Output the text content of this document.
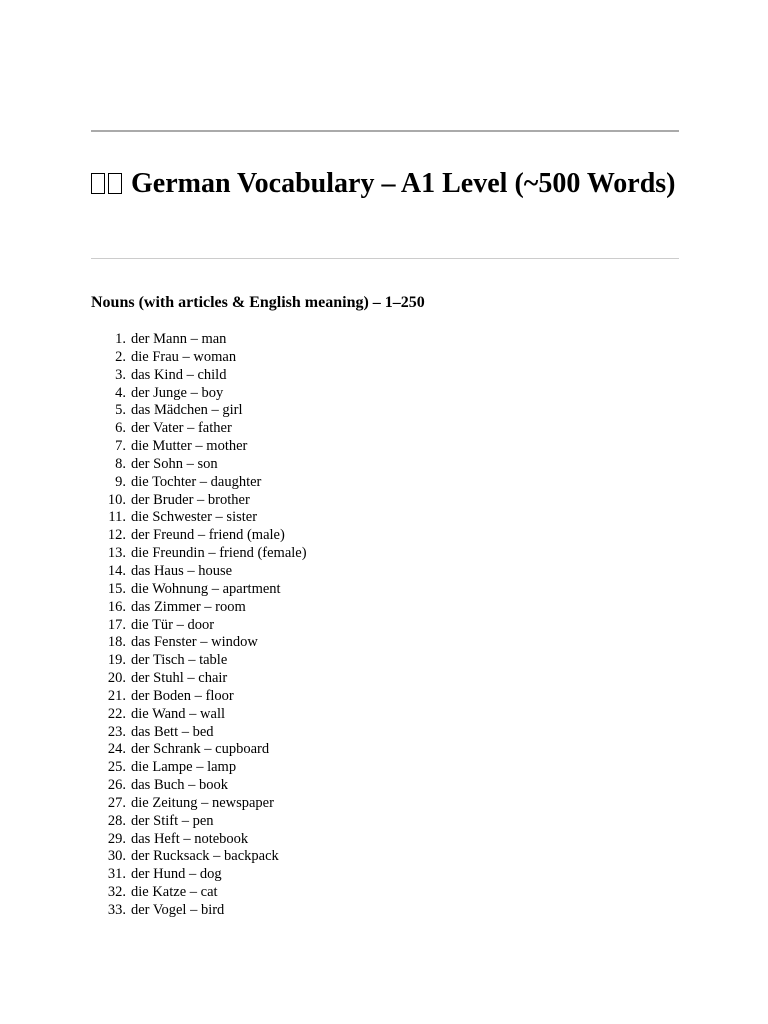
German Vocabulary – A1 Level (~500 Words)
Nouns (with articles & English meaning) – 1–250
1. der Mann – man
2. die Frau – woman
3. das Kind – child
4. der Junge – boy
5. das Mädchen – girl
6. der Vater – father
7. die Mutter – mother
8. der Sohn – son
9. die Tochter – daughter
10. der Bruder – brother
11. die Schwester – sister
12. der Freund – friend (male)
13. die Freundin – friend (female)
14. das Haus – house
15. die Wohnung – apartment
16. das Zimmer – room
17. die Tür – door
18. das Fenster – window
19. der Tisch – table
20. der Stuhl – chair
21. der Boden – floor
22. die Wand – wall
23. das Bett – bed
24. der Schrank – cupboard
25. die Lampe – lamp
26. das Buch – book
27. die Zeitung – newspaper
28. der Stift – pen
29. das Heft – notebook
30. der Rucksack – backpack
31. der Hund – dog
32. die Katze – cat
33. der Vogel – bird
